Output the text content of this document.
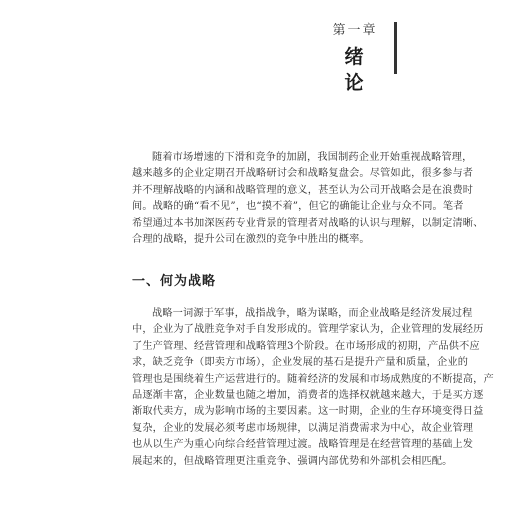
第一章
绪 论
随着市场增速的下滑和竞争的加剧，我国制药企业开始重视战略管理，
越来越多的企业定期召开战略研讨会和战略复盘会。尽管如此，很多参与者
并不理解战略的内涵和战略管理的意义，甚至认为公司开战略会是在浪费时
间。战略的确“看不见”，也“摸不着”，但它的确能让企业与众不同。笔者
希望通过本书加深医药专业背景的管理者对战略的认识与理解，以制定清晰、
合理的战略，提升公司在激烈的竞争中胜出的概率。
一、何为战略
战略一词源于军事，战指战争，略为谋略，而企业战略是经济发展过程
中，企业为了战胜竞争对手自发形成的。管理学家认为，企业管理的发展经历
了生产管理、经营管理和战略管理3个阶段。在市场形成的初期，产品供不应
求，缺乏竞争（即卖方市场），企业发展的基石是提升产量和质量，企业的
管理也是围绕着生产运营进行的。随着经济的发展和市场成熟度的不断提高，产
品逐渐丰富，企业数量也随之增加，消费者的选择权就越来越大，于是买方逐
渐取代卖方，成为影响市场的主要因素。这一时期，企业的生存环境变得日益
复杂，企业的发展必须考虑市场规律，以满足消费需求为中心，故企业管理
也从以生产为重心向综合经营管理过渡。战略管理是在经营管理的基础上发
展起来的，但战略管理更注重竞争、强调内部优势和外部机会相匹配。
